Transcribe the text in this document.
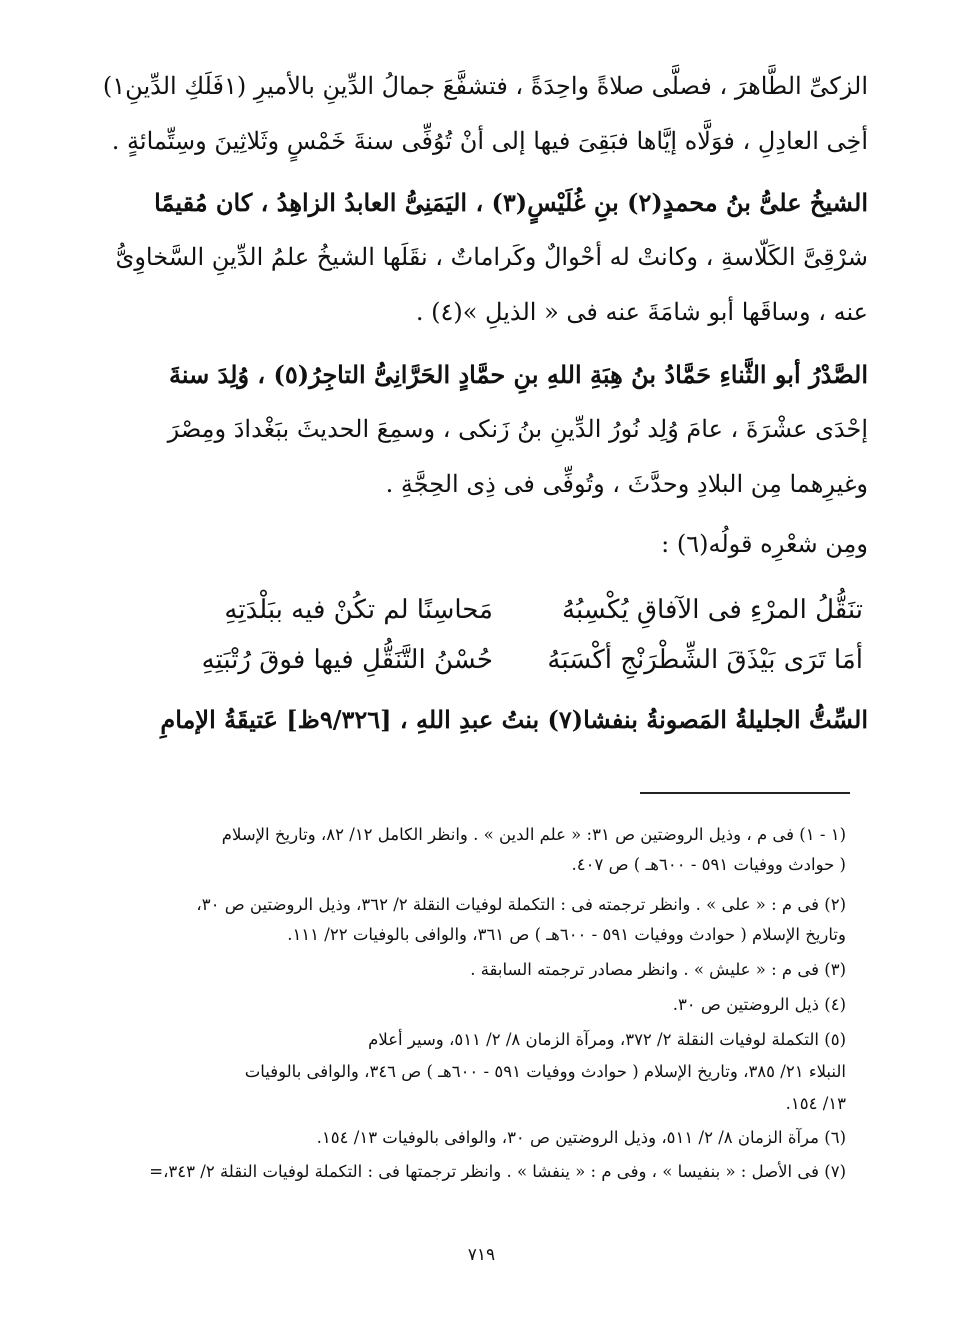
الزكىِّ الطَّاهرَ ، فصلَّى صلاةً واحِدَةً ، فتشفَّعَ جمالُ الدِّينِ بالأميرِ (١فَلَكِ الدِّينِ١)
أخِى العادِلِ ، فوَلَّاه إيَّاها فبَقِىَ فيها إلى أنْ تُوُفِّى سنةَ خَمْسٍ وثَلاثِينَ وسِتِّمائةٍ .
الشيخُ علىُّ بنُ محمدٍ(٢) بنِ غُلَيْسٍ(٣) ، اليَمَنِىُّ العابدُ الزاهِدُ ، كان مُقيمًا
شرْقِىَّ الكَلّاسةِ ، وكانتْ له أحْوالٌ وكَراماتٌ ، نقَلَها الشيخُ علمُ الدِّينِ السَّخاوِىُّ
عنه ، وساقَها أبو شامَةَ عنه فى « الذيلِ »(٤) .
الصَّدْرُ أبو الثَّناءِ حَمَّادُ بنُ هِبَةِ اللهِ بنِ حمَّادٍ الحَرَّانِىُّ التاجِرُ(٥) ، وُلِدَ سنةَ
إحْدَى عشْرَةَ ، عامَ وُلِد نُورُ الدِّينِ بنُ زَنكى ، وسمِعَ الحديثَ ببَغْدادَ ومِصْرَ
وغيرِهما مِن البلادِ وحدَّثَ ، وتُوفِّى فى ذِى الحِجَّةِ .
ومِن شعْرِه قولُه(٦) :
السِّتُّ الجليلةُ المَصونةُ بنفشا(٧) بنتُ عبدِ اللهِ ، [٩/٣٢٦ظ] عَتيقَةُ الإمامِ
تنَقُّلُ المرْءِ فى الآفاقِ يُكْسِبُهُ
مَحاسِنًا لم تكُنْ فيه ببَلْدَتِهِ
أمَا تَرَى بَيْذَقَ الشِّطْرَنْجِ أكْسَبَهُ
حُسْنُ التَّنَقُّلِ فيها فوقَ رُتْبَتِهِ
(١ - ١) فى م ، وذيل الروضتين ص ٣١: « علم الدين » . وانظر الكامل ١٢/ ٨٢، وتاريخ الإسلام
( حوادث ووفيات ٥٩١ - ٦٠٠هـ ) ص ٤٠٧.
(٢) فى م : « على » . وانظر ترجمته فى : التكملة لوفيات النقلة ٢/ ٣٦٢، وذيل الروضتين ص ٣٠،
وتاريخ الإسلام ( حوادث ووفيات ٥٩١ - ٦٠٠هـ ) ص ٣٦١، والوافى بالوفيات ٢٢/ ١١١.
(٣) فى م : « عليش » . وانظر مصادر ترجمته السابقة .
(٤) ذيل الروضتين ص ٣٠.
(٥) التكملة لوفيات النقلة ٢/ ٣٧٢، ومرآة الزمان ٨/ ٢/ ٥١١، وسير أعلام
النبلاء ٢١/ ٣٨٥، وتاريخ الإسلام ( حوادث ووفيات ٥٩١ - ٦٠٠هـ ) ص ٣٤٦، والوافى بالوفيات
١٣/ ١٥٤.
(٦) مرآة الزمان ٨/ ٢/ ٥١١، وذيل الروضتين ص ٣٠، والوافى بالوفيات ١٣/ ١٥٤.
(٧) فى الأصل : « بنفيسا » ، وفى م : « ينفشا » . وانظر ترجمتها فى : التكملة لوفيات النقلة ٢/ ٣٤٣،=
٧١٩
